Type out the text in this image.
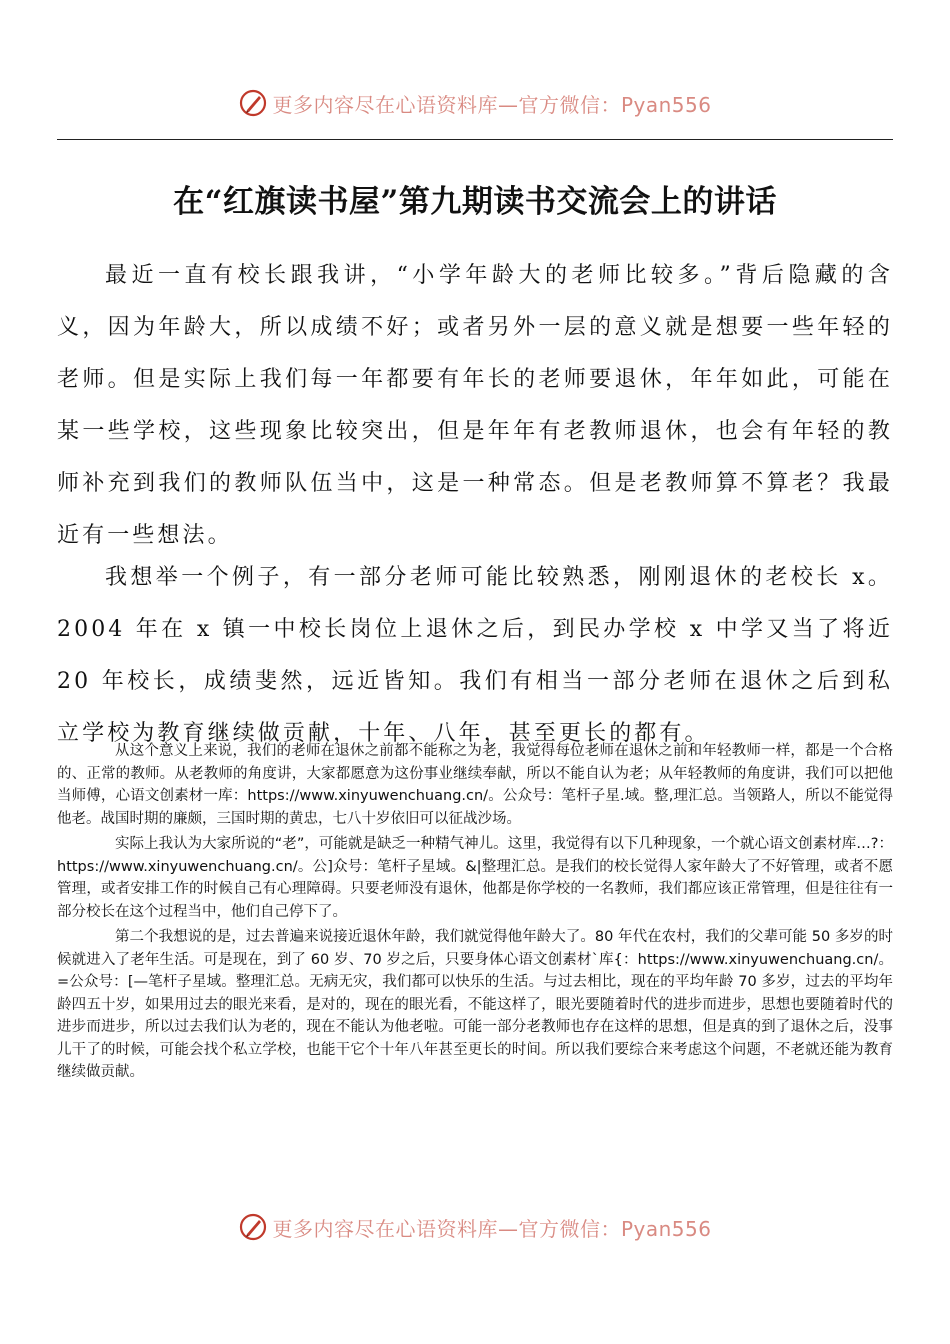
更多内容尽在心语资料库—官方微信：Pyan556
在“红旗读书屋”第九期读书交流会上的讲话

最近一直有校长跟我讲，“小学年龄大的老师比较多。”背后隐藏的含义，因为年龄大，所以成绩不好；或者另外一层的意义就是想要一些年轻的老师。但是实际上我们每一年都要有年长的老师要退休，年年如此，可能在某一些学校，这些现象比较突出，但是年年有老教师退休，也会有年轻的教师补充到我们的教师队伍当中，这是一种常态。但是老教师算不算老？我最近有一些想法。

我想举一个例子，有一部分老师可能比较熟悉，刚刚退休的老校长 x。2004 年在 x 镇一中校长岗位上退休之后，到民办学校 x 中学又当了将近 20 年校长，成绩斐然，远近皆知。我们有相当一部分老师在退休之后到私立学校为教育继续做贡献，十年、八年，甚至更长的都有。

从这个意义上来说，我们的老师在退休之前都不能称之为老，我觉得每位老师在退休之前和年轻教师一样，都是一个合格的、正常的教师。从老教师的角度讲，大家都愿意为这份事业继续奉献，所以不能自认为老；从年轻教师的角度讲，我们可以把他当师傅，心语文创素材一库：https://www.xinyuwenchuang.cn/。公众号：笔杆子星.域。整,理汇总。当领路人，所以不能觉得他老。战国时期的廉颇，三国时期的黄忠，七八十岁依旧可以征战沙场。

实际上我认为大家所说的“老”，可能就是缺乏一种精气神儿。这里，我觉得有以下几种现象，一个就心语文创素材库…?：https://www.xinyuwenchuang.cn/。公]众号：笔杆子星域。&|整理汇总。是我们的校长觉得人家年龄大了不好管理，或者不愿管理，或者安排工作的时候自己有心理障碍。只要老师没有退休，他都是你学校的一名教师，我们都应该正常管理，但是往往有一部分校长在这个过程当中，他们自己停下了。

第二个我想说的是，过去普遍来说接近退休年龄，我们就觉得他年龄大了。80 年代在农村，我们的父辈可能 50 多岁的时候就进入了老年生活。可是现在，到了 60 岁、70 岁之后，只要身体心语文创素材`库{：https://www.xinyuwenchuang.cn/。=公众号：[—笔杆子星域。整理汇总。无病无灾，我们都可以快乐的生活。与过去相比，现在的平均年龄 70 多岁，过去的平均年龄四五十岁，如果用过去的眼光来看，是对的，现在的眼光看，不能这样了，眼光要随着时代的进步而进步，思想也要随着时代的进步而进步，所以过去我们认为老的，现在不能认为他老啦。可能一部分老教师也存在这样的思想，但是真的到了退休之后，没事儿干了的时候，可能会找个私立学校，也能干它个十年八年甚至更长的时间。所以我们要综合来考虑这个问题，不老就还能为教育继续做贡献。

更多内容尽在心语资料库—官方微信：Pyan556
